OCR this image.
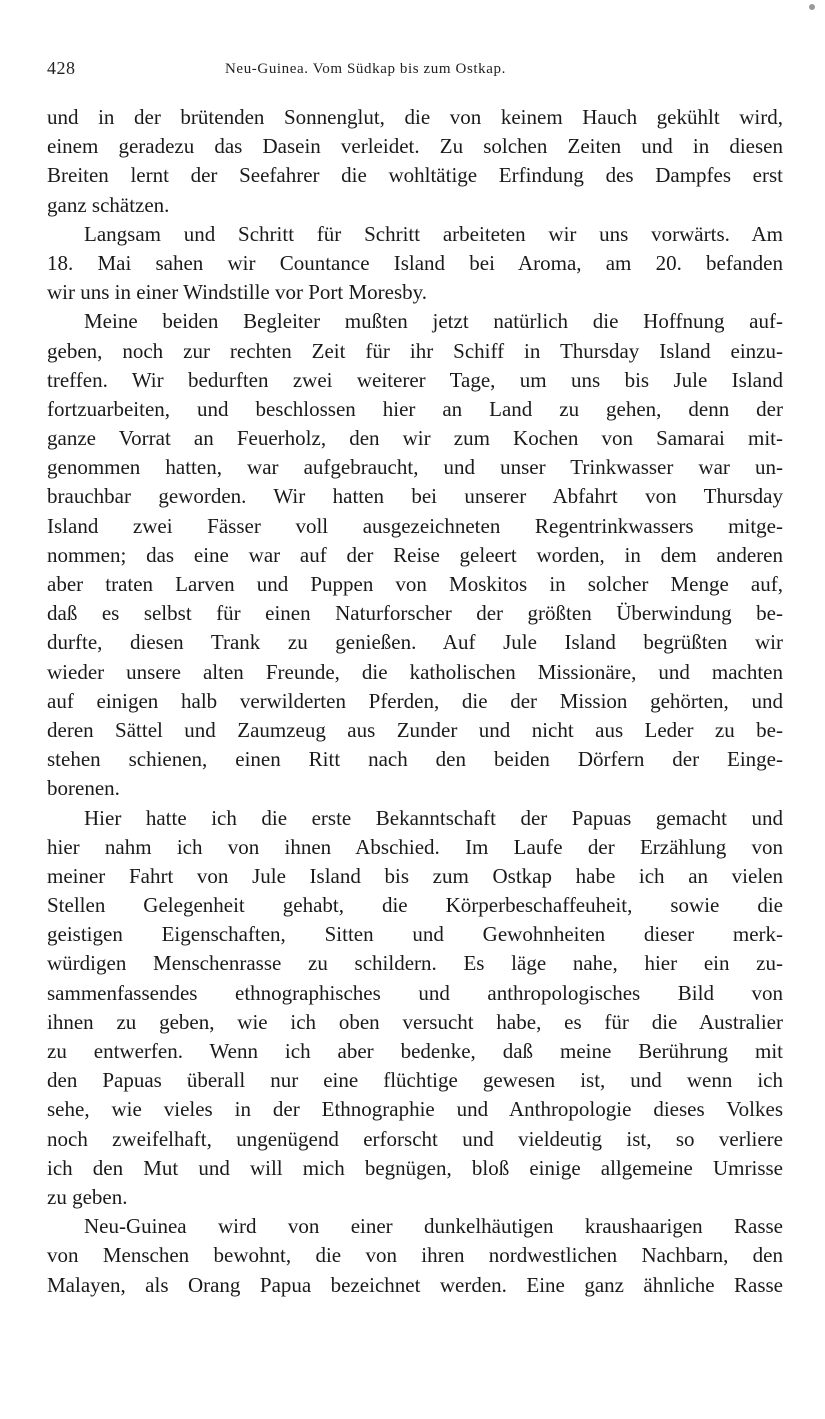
428	Neu-Guinea. Vom Südkap bis zum Ostkap.
und in der brütenden Sonnenglut, die von keinem Hauch gekühlt wird,
einem geradezu das Dasein verleidet. Zu solchen Zeiten und in diesen
Breiten lernt der Seefahrer die wohltätige Erfindung des Dampfes erst
ganz schätzen.
Langsam und Schritt für Schritt arbeiteten wir uns vorwärts. Am
18. Mai sahen wir Countance Island bei Aroma, am 20. befanden
wir uns in einer Windstille vor Port Moresby.
Meine beiden Begleiter mußten jetzt natürlich die Hoffnung auf-
geben, noch zur rechten Zeit für ihr Schiff in Thursday Island einzu-
treffen. Wir bedurften zwei weiterer Tage, um uns bis Jule Island
fortzuarbeiten, und beschlossen hier an Land zu gehen, denn der
ganze Vorrat an Feuerholz, den wir zum Kochen von Samarai mit-
genommen hatten, war aufgebraucht, und unser Trinkwasser war un-
brauchbar geworden. Wir hatten bei unserer Abfahrt von Thursday
Island zwei Fässer voll ausgezeichneten Regentrinkwassers mitge-
nommen; das eine war auf der Reise geleert worden, in dem anderen
aber traten Larven und Puppen von Moskitos in solcher Menge auf,
daß es selbst für einen Naturforscher der größten Überwindung be-
durfte, diesen Trank zu genießen. Auf Jule Island begrüßten wir
wieder unsere alten Freunde, die katholischen Missionäre, und machten
auf einigen halb verwilderten Pferden, die der Mission gehörten, und
deren Sättel und Zaumzeug aus Zunder und nicht aus Leder zu be-
stehen schienen, einen Ritt nach den beiden Dörfern der Einge-
borenen.
Hier hatte ich die erste Bekanntschaft der Papuas gemacht und
hier nahm ich von ihnen Abschied. Im Laufe der Erzählung von
meiner Fahrt von Jule Island bis zum Ostkap habe ich an vielen
Stellen Gelegenheit gehabt, die Körperbeschaffeuheit, sowie die
geistigen Eigenschaften, Sitten und Gewohnheiten dieser merk-
würdigen Menschenrasse zu schildern. Es läge nahe, hier ein zu-
sammenfassendes ethnographisches und anthropologisches Bild von
ihnen zu geben, wie ich oben versucht habe, es für die Australier
zu entwerfen. Wenn ich aber bedenke, daß meine Berührung mit
den Papuas überall nur eine flüchtige gewesen ist, und wenn ich
sehe, wie vieles in der Ethnographie und Anthropologie dieses Volkes
noch zweifelhaft, ungenügend erforscht und vieldeutig ist, so verliere
ich den Mut und will mich begnügen, bloß einige allgemeine Umrisse
zu geben.
Neu-Guinea wird von einer dunkelhäutigen kraushaarigen Rasse
von Menschen bewohnt, die von ihren nordwestlichen Nachbarn, den
Malayen, als Orang Papua bezeichnet werden. Eine ganz ähnliche Rasse
